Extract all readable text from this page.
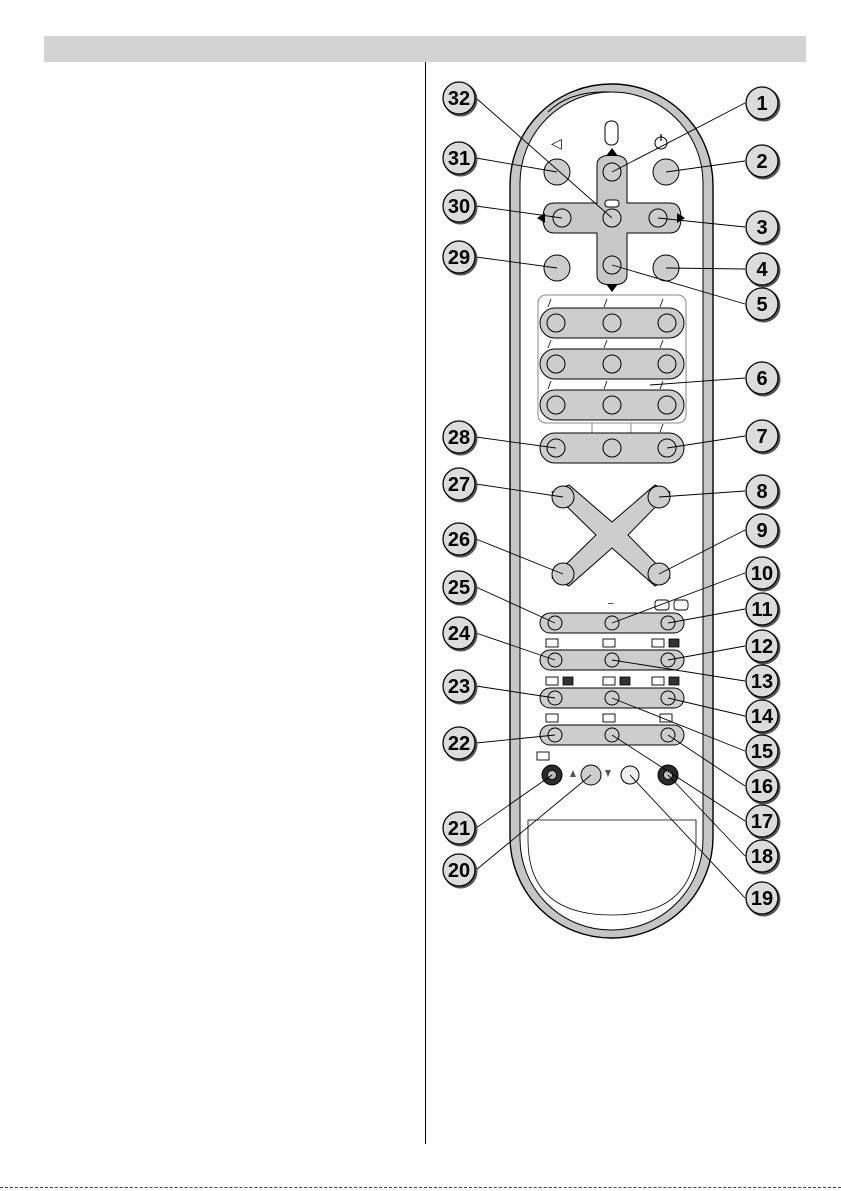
◁
–
1
2
3
4
5
6
7
8
9
10
11
12
13
14
15
16
17
18
19
20
21
22
23
24
25
26
27
28
29
30
31
32
